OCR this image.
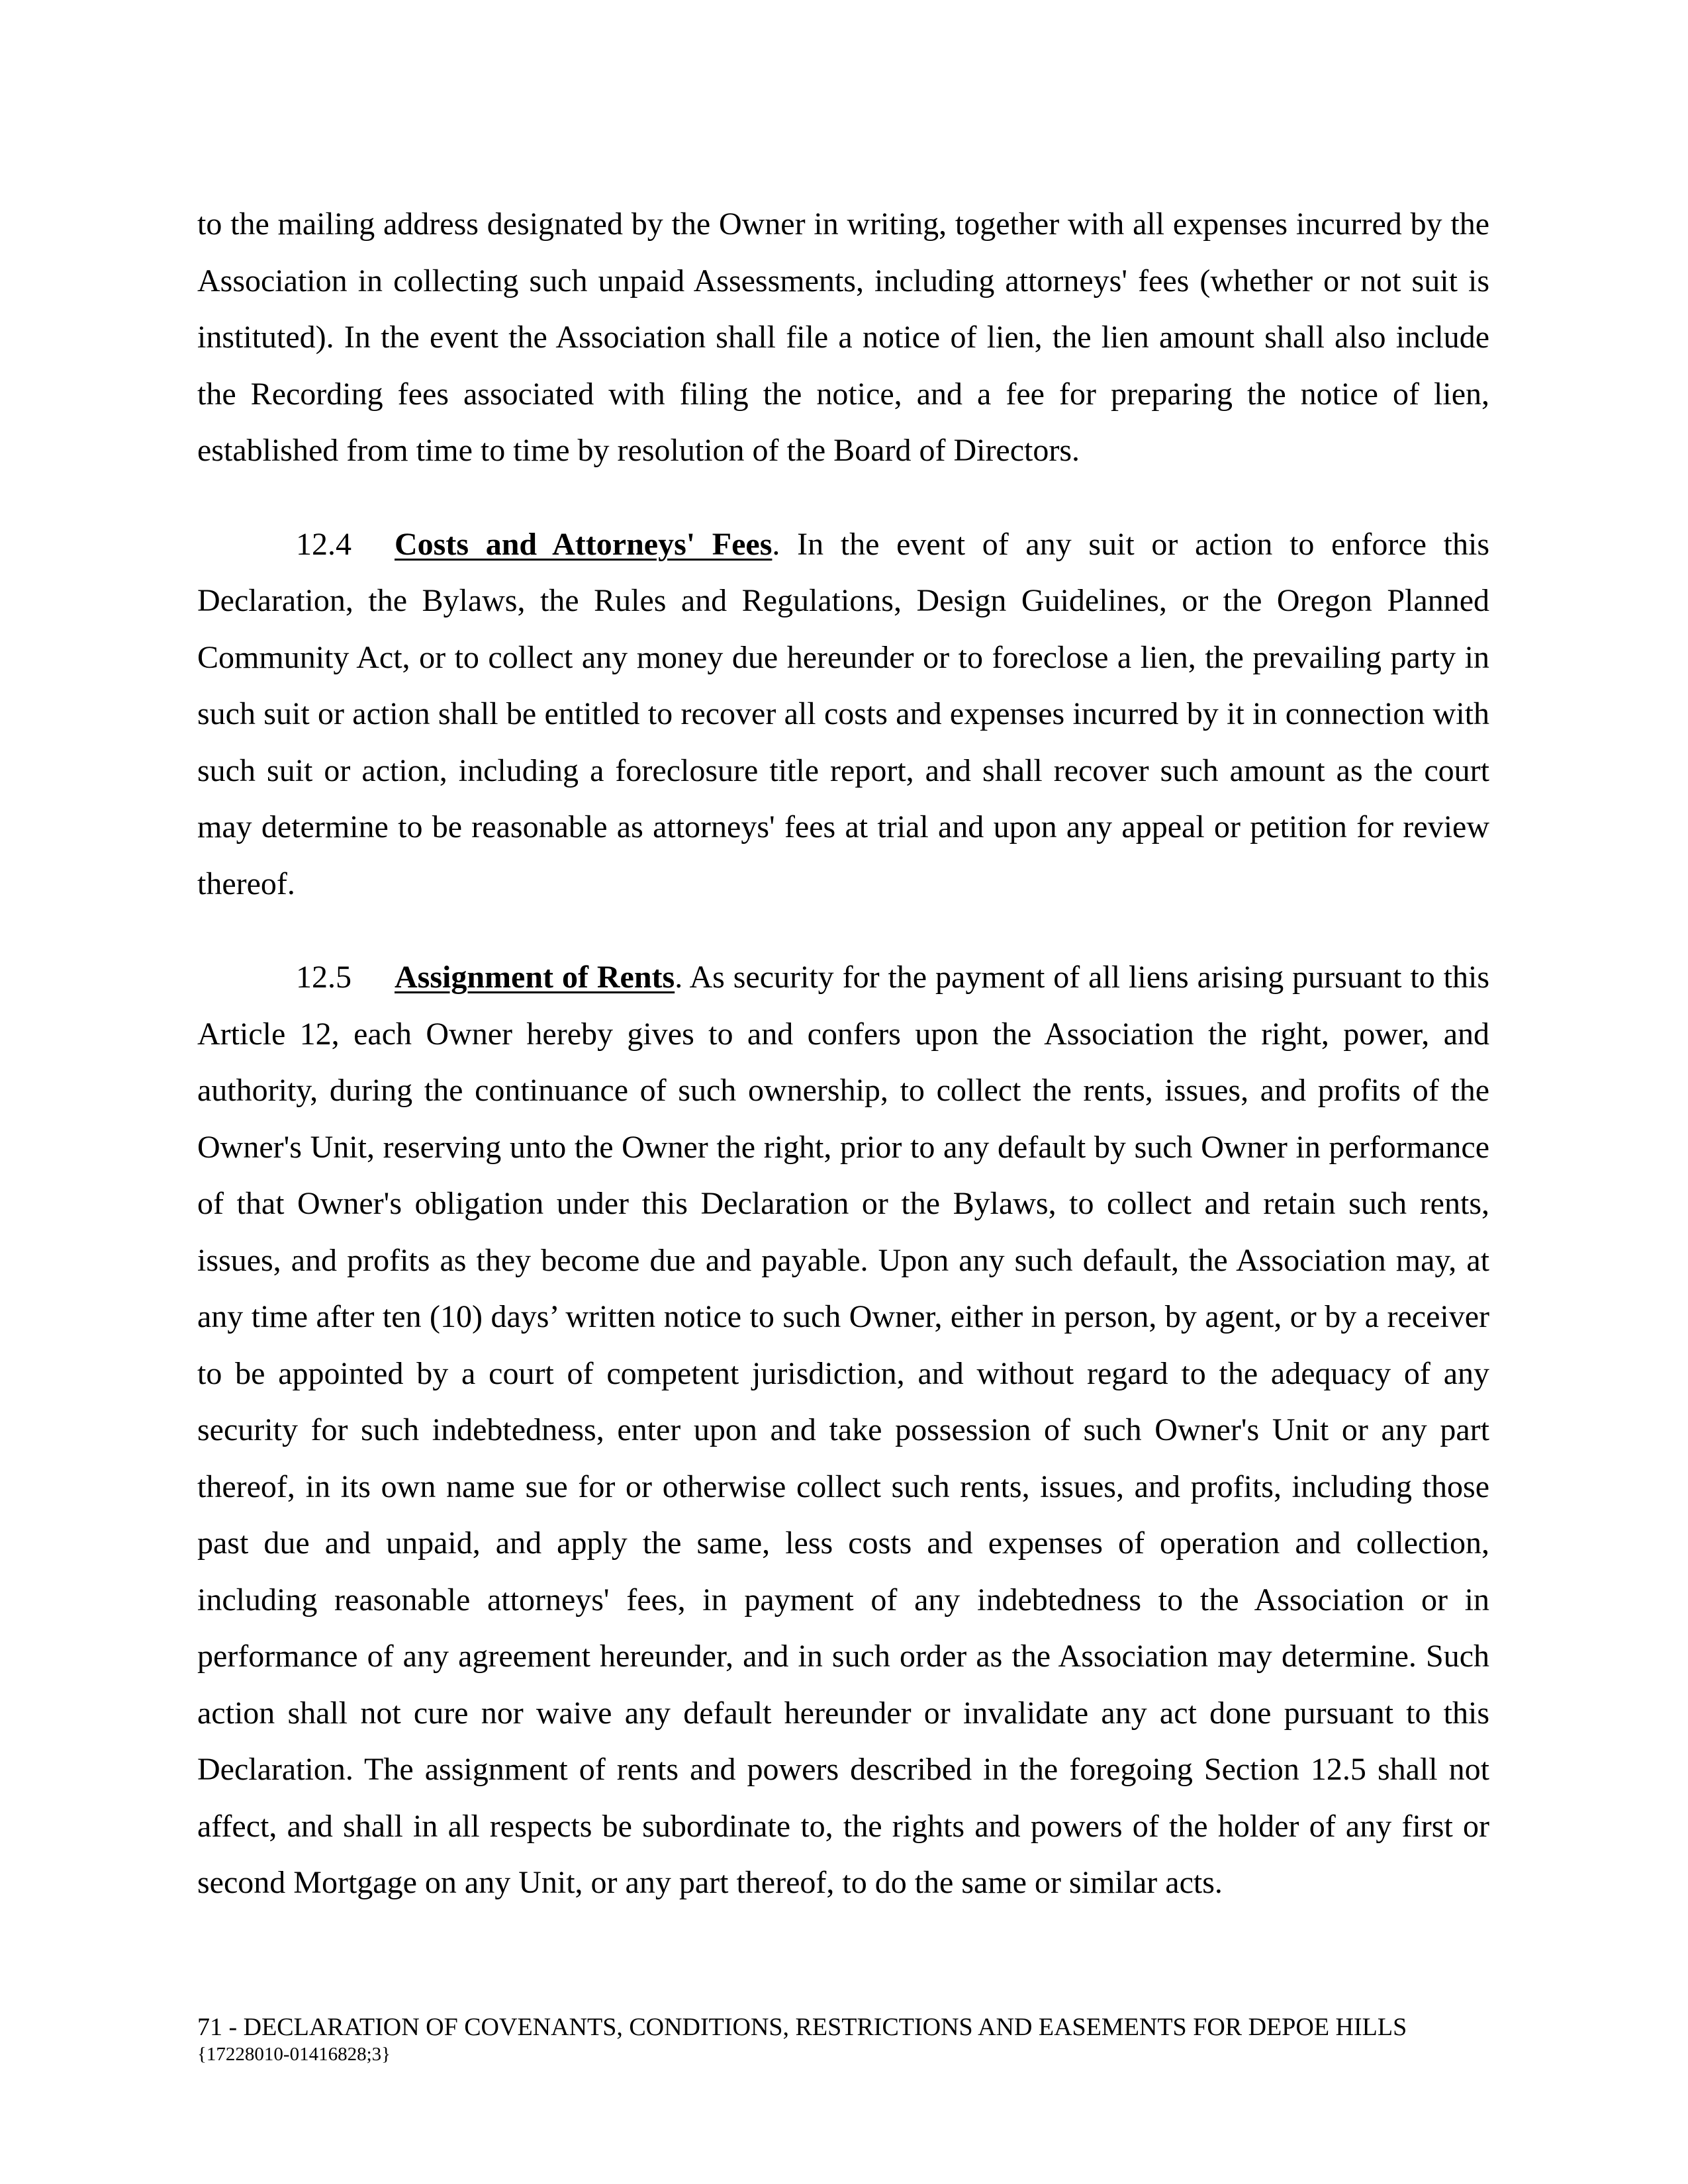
to the mailing address designated by the Owner in writing, together with all expenses incurred by the Association in collecting such unpaid Assessments, including attorneys' fees (whether or not suit is instituted). In the event the Association shall file a notice of lien, the lien amount shall also include the Recording fees associated with filing the notice, and a fee for preparing the notice of lien, established from time to time by resolution of the Board of Directors.

12.4 Costs and Attorneys' Fees. In the event of any suit or action to enforce this Declaration, the Bylaws, the Rules and Regulations, Design Guidelines, or the Oregon Planned Community Act, or to collect any money due hereunder or to foreclose a lien, the prevailing party in such suit or action shall be entitled to recover all costs and expenses incurred by it in connection with such suit or action, including a foreclosure title report, and shall recover such amount as the court may determine to be reasonable as attorneys' fees at trial and upon any appeal or petition for review thereof.

12.5 Assignment of Rents. As security for the payment of all liens arising pursuant to this Article 12, each Owner hereby gives to and confers upon the Association the right, power, and authority, during the continuance of such ownership, to collect the rents, issues, and profits of the Owner's Unit, reserving unto the Owner the right, prior to any default by such Owner in performance of that Owner's obligation under this Declaration or the Bylaws, to collect and retain such rents, issues, and profits as they become due and payable. Upon any such default, the Association may, at any time after ten (10) days’ written notice to such Owner, either in person, by agent, or by a receiver to be appointed by a court of competent jurisdiction, and without regard to the adequacy of any security for such indebtedness, enter upon and take possession of such Owner's Unit or any part thereof, in its own name sue for or otherwise collect such rents, issues, and profits, including those past due and unpaid, and apply the same, less costs and expenses of operation and collection, including reasonable attorneys' fees, in payment of any indebtedness to the Association or in performance of any agreement hereunder, and in such order as the Association may determine. Such action shall not cure nor waive any default hereunder or invalidate any act done pursuant to this Declaration. The assignment of rents and powers described in the foregoing Section 12.5 shall not affect, and shall in all respects be subordinate to, the rights and powers of the holder of any first or second Mortgage on any Unit, or any part thereof, to do the same or similar acts.

71 - DECLARATION OF COVENANTS, CONDITIONS, RESTRICTIONS AND EASEMENTS FOR DEPOE HILLS
{17228010-01416828;3}
